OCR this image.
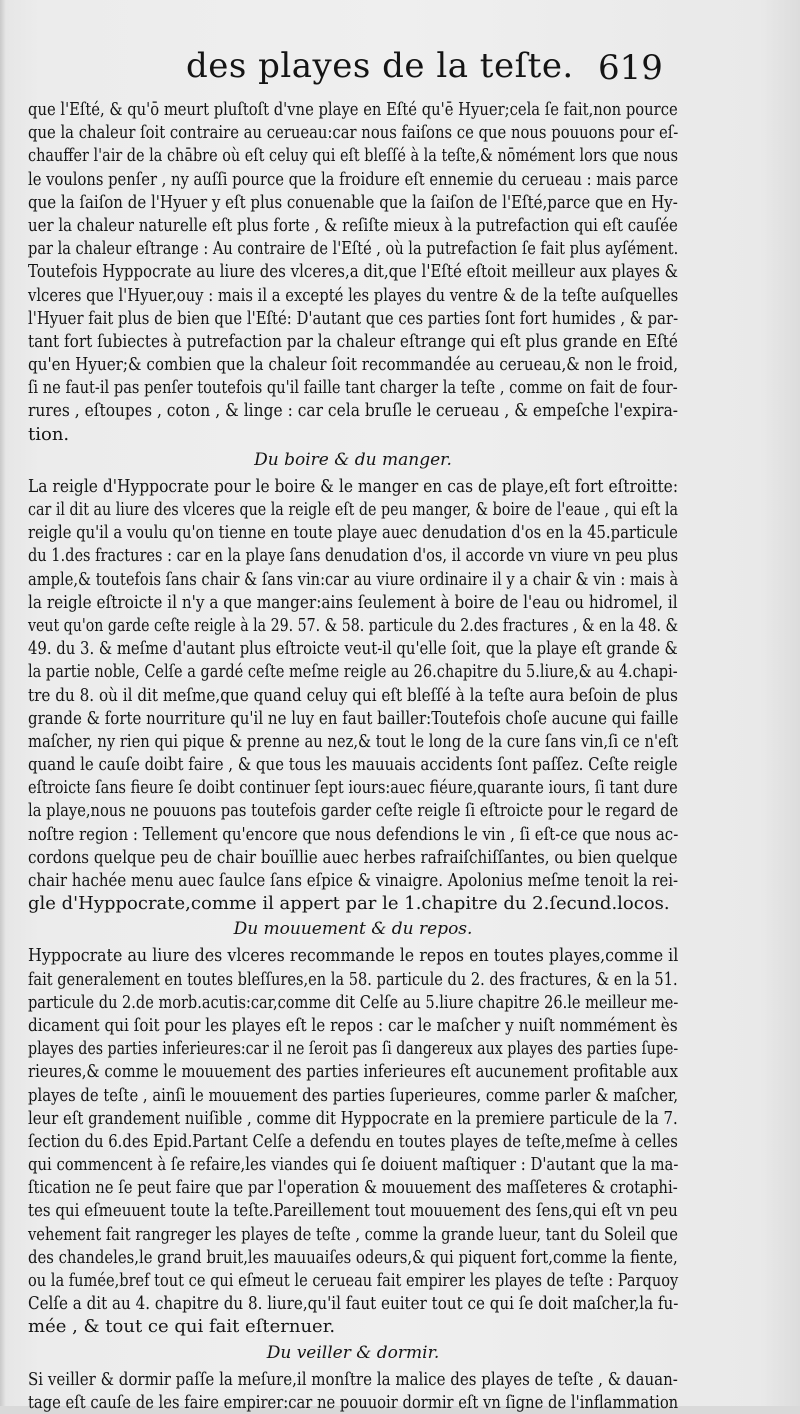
des playes de la teſte. 619
que l'Eſté, & qu'ō meurt pluſtoſt d'vne playe en Eſté qu'ē Hyuer;cela ſe fait,non pource
que la chaleur ſoit contraire au cerueau:car nous faiſons ce que nous pouuons pour eſ-
chauffer l'air de la chābre où eſt celuy qui eſt bleſſé à la teſte,& nōmément lors que nous
le voulons penſer , ny auſſi pource que la froidure eſt ennemie du cerueau : mais parce
que la ſaiſon de l'Hyuer y eſt plus conuenable que la ſaiſon de l'Eſté,parce que en Hy-
uer la chaleur naturelle eſt plus forte , & reſiſte mieux à la putrefaction qui eſt cauſée
par la chaleur eſtrange : Au contraire de l'Eſté , où la putrefaction ſe fait plus ayſément.
Toutefois Hyppocrate au liure des vlceres,a dit,que l'Eſté eſtoit meilleur aux playes &
vlceres que l'Hyuer,ouy : mais il a excepté les playes du ventre & de la teſte auſquelles
l'Hyuer fait plus de bien que l'Eſté: D'autant que ces parties ſont fort humides , & par-
tant fort ſubiectes à putrefaction par la chaleur eſtrange qui eſt plus grande en Eſté
qu'en Hyuer;& combien que la chaleur ſoit recommandée au cerueau,& non le froid,
ſi ne faut-il pas penſer toutefois qu'il faille tant charger la teſte , comme on fait de four-
rures , eſtoupes , coton , & linge : car cela bruſle le cerueau , & empeſche l'expira-
tion.
Du boire & du manger.
La reigle d'Hyppocrate pour le boire & le manger en cas de playe,eſt fort eſtroitte:
car il dit au liure des vlceres que la reigle eſt de peu manger, & boire de l'eaue , qui eſt la
reigle qu'il a voulu qu'on tienne en toute playe auec denudation d'os en la 45.particule
du 1.des fractures : car en la playe ſans denudation d'os, il accorde vn viure vn peu plus
ample,& toutefois ſans chair & ſans vin:car au viure ordinaire il y a chair & vin : mais à
la reigle eſtroicte il n'y a que manger:ains ſeulement à boire de l'eau ou hidromel, il
veut qu'on garde ceſte reigle à la 29. 57. & 58. particule du 2.des fractures , & en la 48. &
49. du 3. & meſme d'autant plus eſtroicte veut-il qu'elle ſoit, que la playe eſt grande &
la partie noble, Celſe a gardé ceſte meſme reigle au 26.chapitre du 5.liure,& au 4.chapi-
tre du 8. où il dit meſme,que quand celuy qui eſt bleſſé à la teſte aura beſoin de plus
grande & forte nourriture qu'il ne luy en faut bailler:Toutefois choſe aucune qui faille
maſcher, ny rien qui pique & prenne au nez,& tout le long de la cure ſans vin,ſi ce n'eſt
quand le cauſe doibt faire , & que tous les mauuais accidents ſont paſſez. Ceſte reigle
eſtroicte ſans fieure ſe doibt continuer ſept iours:auec fiéure,quarante iours, ſi tant dure
la playe,nous ne pouuons pas toutefois garder ceſte reigle ſi eſtroicte pour le regard de
noſtre region : Tellement qu'encore que nous defendions le vin , ſi eſt-ce que nous ac-
cordons quelque peu de chair bouïllie auec herbes rafraiſchiſſantes, ou bien quelque
chair hachée menu auec ſaulce ſans eſpice & vinaigre. Apolonius meſme tenoit la rei-
gle d'Hyppocrate,comme il appert par le 1.chapitre du 2.ſecund.locos.
Du mouuement & du repos.
Hyppocrate au liure des vlceres recommande le repos en toutes playes,comme il
fait generalement en toutes bleſſures,en la 58. particule du 2. des fractures, & en la 51.
particule du 2.de morb.acutis:car,comme dit Celſe au 5.liure chapitre 26.le meilleur me-
dicament qui ſoit pour les playes eſt le repos : car le maſcher y nuiſt nommément ès
playes des parties inferieures:car il ne ſeroit pas ſi dangereux aux playes des parties ſupe-
rieures,& comme le mouuement des parties inferieures eſt aucunement profitable aux
playes de teſte , ainſi le mouuement des parties ſuperieures, comme parler & maſcher,
leur eſt grandement nuiſible , comme dit Hyppocrate en la premiere particule de la 7.
ſection du 6.des Epid.Partant Celſe a defendu en toutes playes de teſte,meſme à celles
qui commencent à ſe refaire,les viandes qui ſe doiuent maſtiquer : D'autant que la ma-
ſtication ne ſe peut faire que par l'operation & mouuement des maſſeteres & crotaphi-
tes qui eſmeuuent toute la teſte.Pareillement tout mouuement des ſens,qui eſt vn peu
vehement fait rangreger les playes de teſte , comme la grande lueur, tant du Soleil que
des chandeles,le grand bruit,les mauuaiſes odeurs,& qui piquent fort,comme la fiente,
ou la fumée,bref tout ce qui eſmeut le cerueau fait empirer les playes de teſte : Parquoy
Celſe a dit au 4. chapitre du 8. liure,qu'il faut euiter tout ce qui ſe doit maſcher,la fu-
mée , & tout ce qui fait eſternuer.
Du veiller & dormir.
Si veiller & dormir paſſe la meſure,il monſtre la malice des playes de teſte , & dauan-
tage eſt cauſe de les faire empirer:car ne pouuoir dormir eſt vn ſigne de l'inflammation
